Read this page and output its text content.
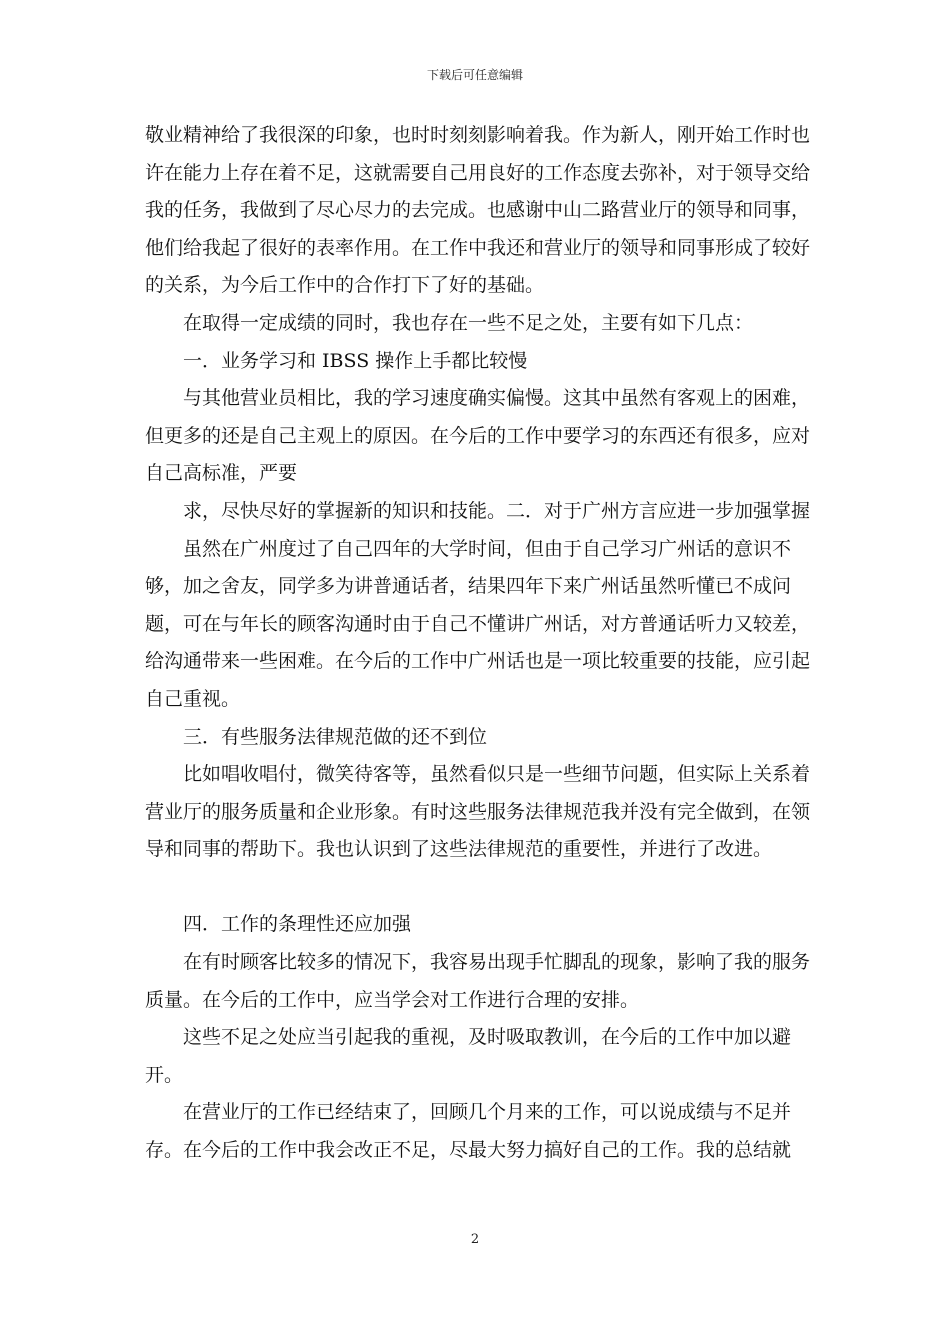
下载后可任意编辑

敬业精神给了我很深的印象，也时时刻刻影响着我。作为新人，刚开始工作时也许在能力上存在着不足，这就需要自己用良好的工作态度去弥补，对于领导交给我的任务，我做到了尽心尽力的去完成。也感谢中山二路营业厅的领导和同事，他们给我起了很好的表率作用。在工作中我还和营业厅的领导和同事形成了较好的关系，为今后工作中的合作打下了好的基础。

在取得一定成绩的同时，我也存在一些不足之处，主要有如下几点：

一．业务学习和 IBSS 操作上手都比较慢

与其他营业员相比，我的学习速度确实偏慢。这其中虽然有客观上的困难，但更多的还是自己主观上的原因。在今后的工作中要学习的东西还有很多，应对自己高标准，严要

求，尽快尽好的掌握新的知识和技能。二．对于广州方言应进一步加强掌握

虽然在广州度过了自己四年的大学时间，但由于自己学习广州话的意识不够，加之舍友，同学多为讲普通话者，结果四年下来广州话虽然听懂已不成问题，可在与年长的顾客沟通时由于自己不懂讲广州话，对方普通话听力又较差，给沟通带来一些困难。在今后的工作中广州话也是一项比较重要的技能，应引起自己重视。

三．有些服务法律规范做的还不到位

比如唱收唱付，微笑待客等，虽然看似只是一些细节问题，但实际上关系着营业厅的服务质量和企业形象。有时这些服务法律规范我并没有完全做到，在领导和同事的帮助下。我也认识到了这些法律规范的重要性，并进行了改进。

四．工作的条理性还应加强

在有时顾客比较多的情况下，我容易出现手忙脚乱的现象，影响了我的服务质量。在今后的工作中，应当学会对工作进行合理的安排。

这些不足之处应当引起我的重视，及时吸取教训，在今后的工作中加以避开。

在营业厅的工作已经结束了，回顾几个月来的工作，可以说成绩与不足并存。在今后的工作中我会改正不足，尽最大努力搞好自己的工作。我的总结就

2
